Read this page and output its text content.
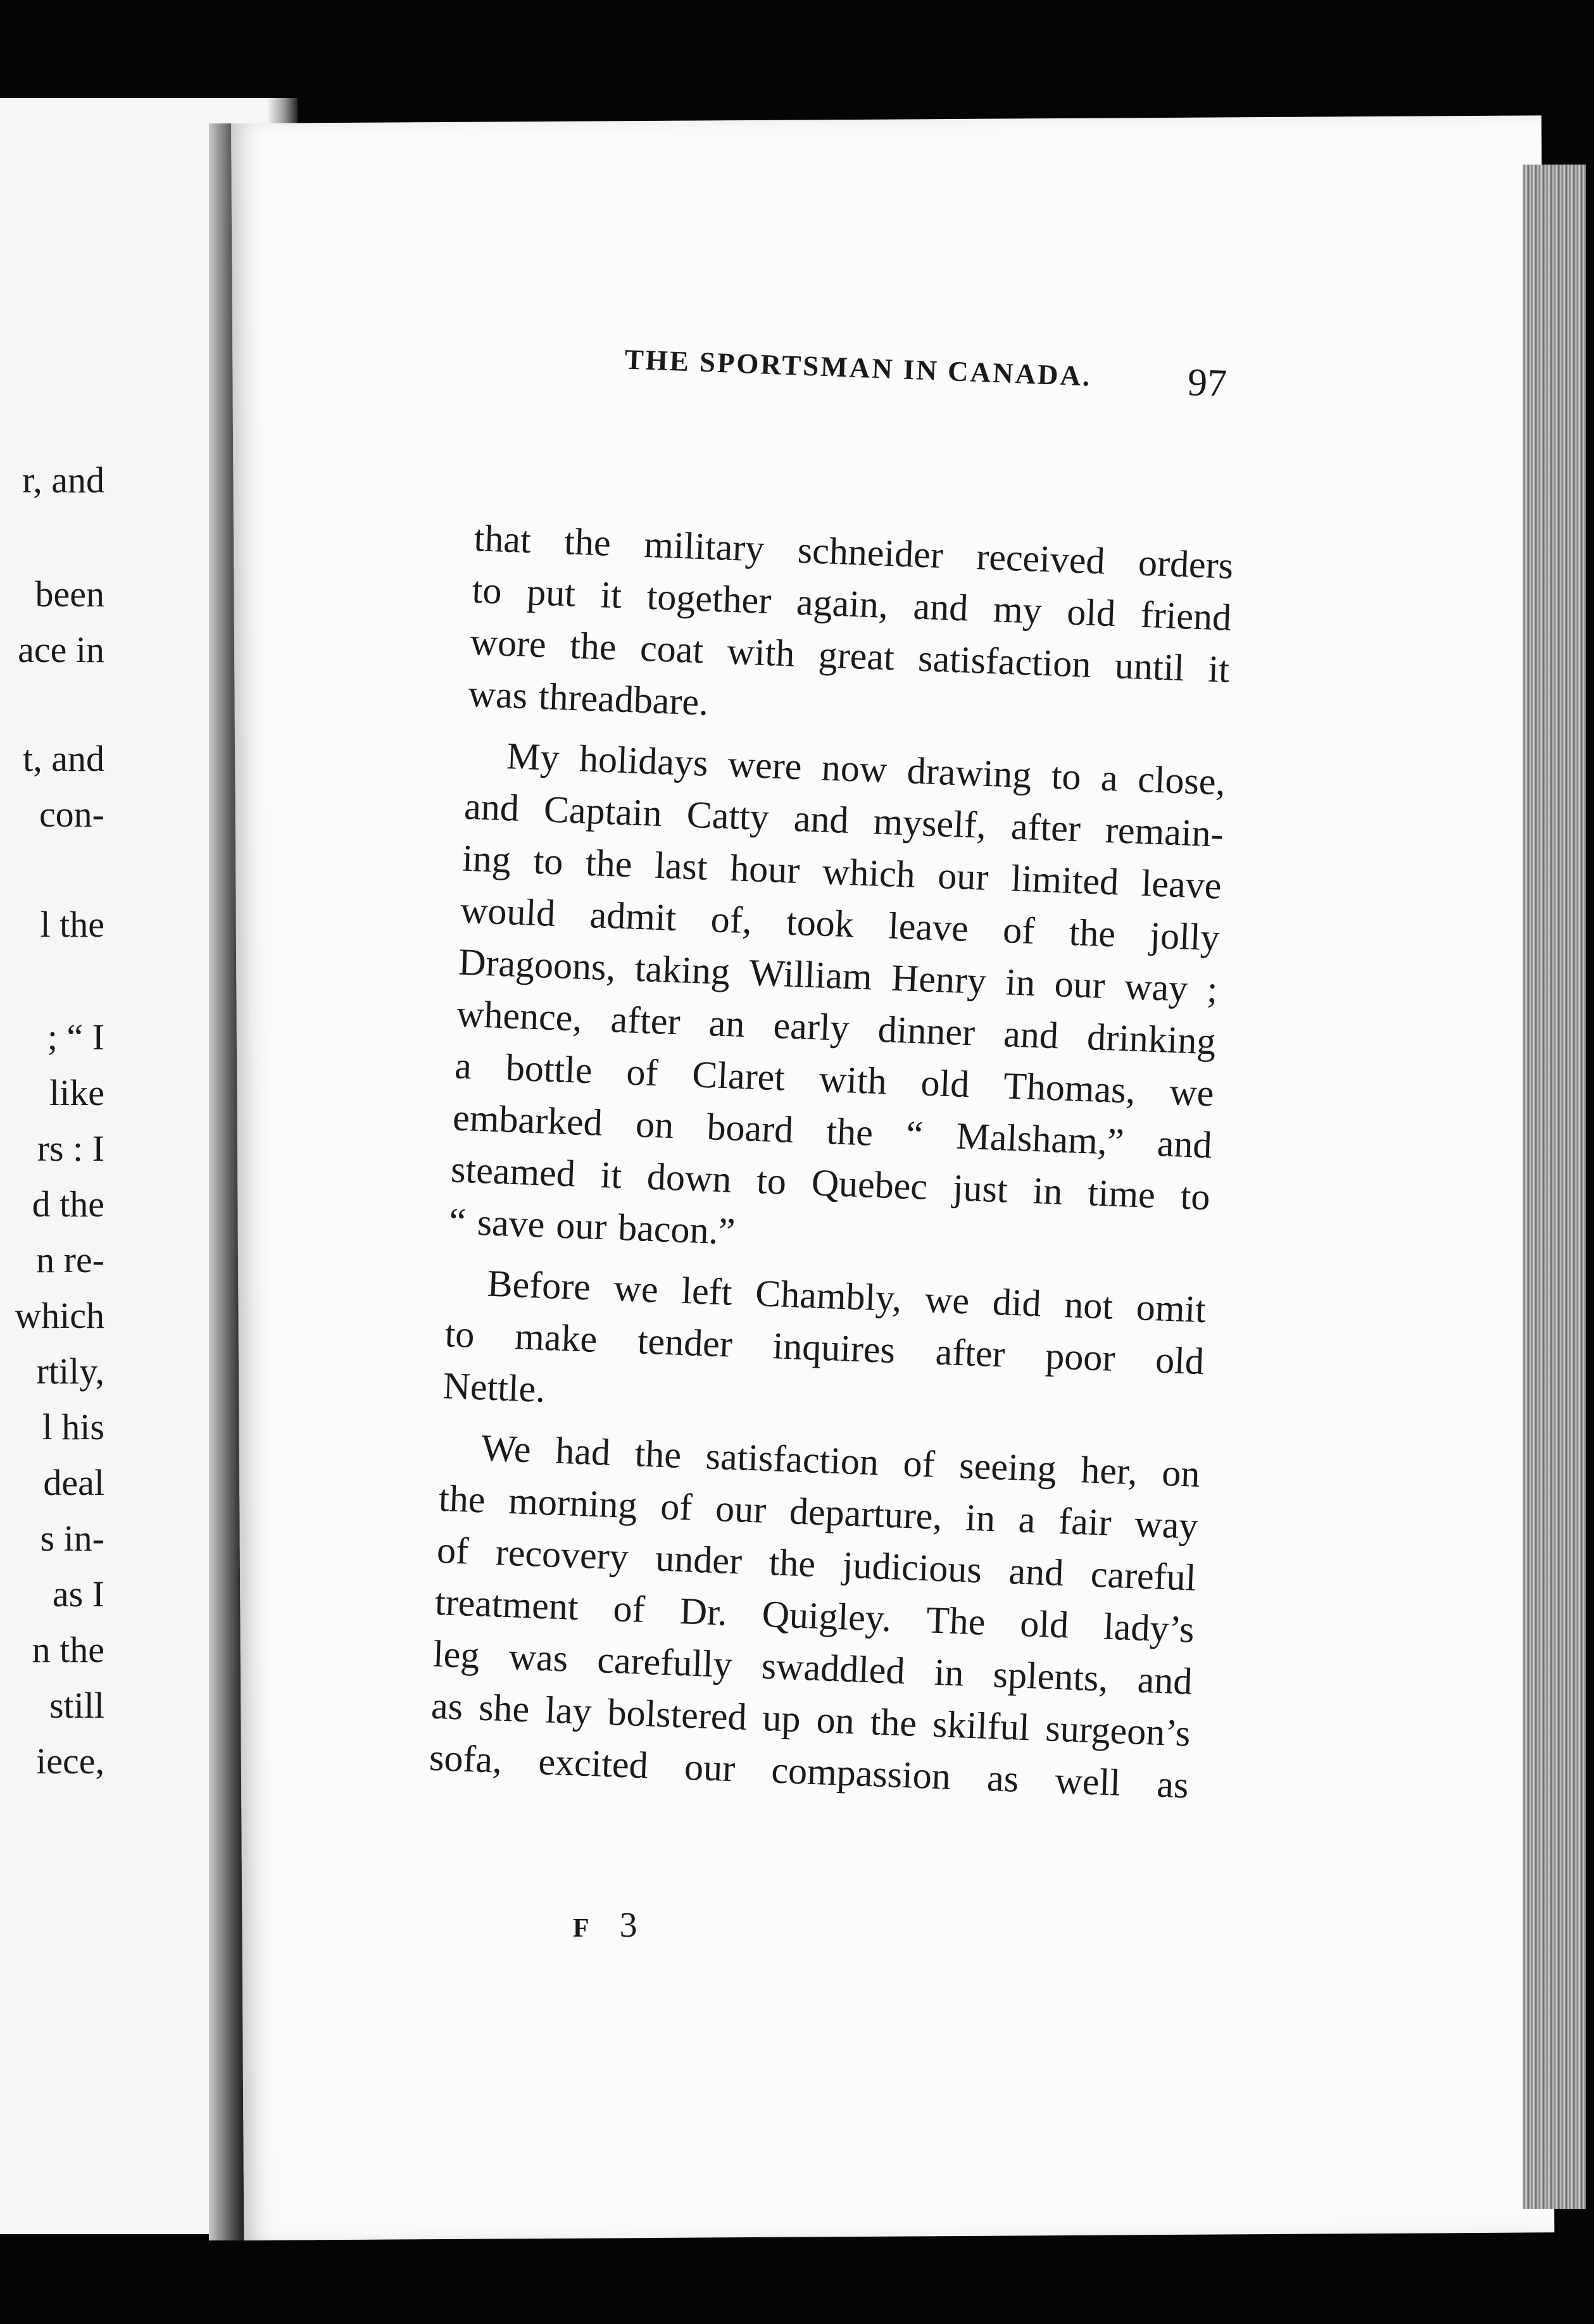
r, and
been
ace in
t, and
con-
l the
; “ I
like
rs : I
d the
n re-
which
rtily,
l his
deal
s in-
as I
n the
still
iece,
THE SPORTSMAN IN CANADA. 97
that the military schneider received orders
to put it together again, and my old friend
wore the coat with great satisfaction until it
was threadbare.
My holidays were now drawing to a close,
and Captain Catty and myself, after remain-
ing to the last hour which our limited leave
would admit of, took leave of the jolly
Dragoons, taking William Henry in our way ;
whence, after an early dinner and drinking
a bottle of Claret with old Thomas, we
embarked on board the “ Malsham,” and
steamed it down to Quebec just in time to
“ save our bacon.”
Before we left Chambly, we did not omit
to make tender inquires after poor old
Nettle.
We had the satisfaction of seeing her, on
the morning of our departure, in a fair way
of recovery under the judicious and careful
treatment of Dr. Quigley. The old lady’s
leg was carefully swaddled in splents, and
as she lay bolstered up on the skilful surgeon’s
sofa, excited our compassion as well as
F 3
